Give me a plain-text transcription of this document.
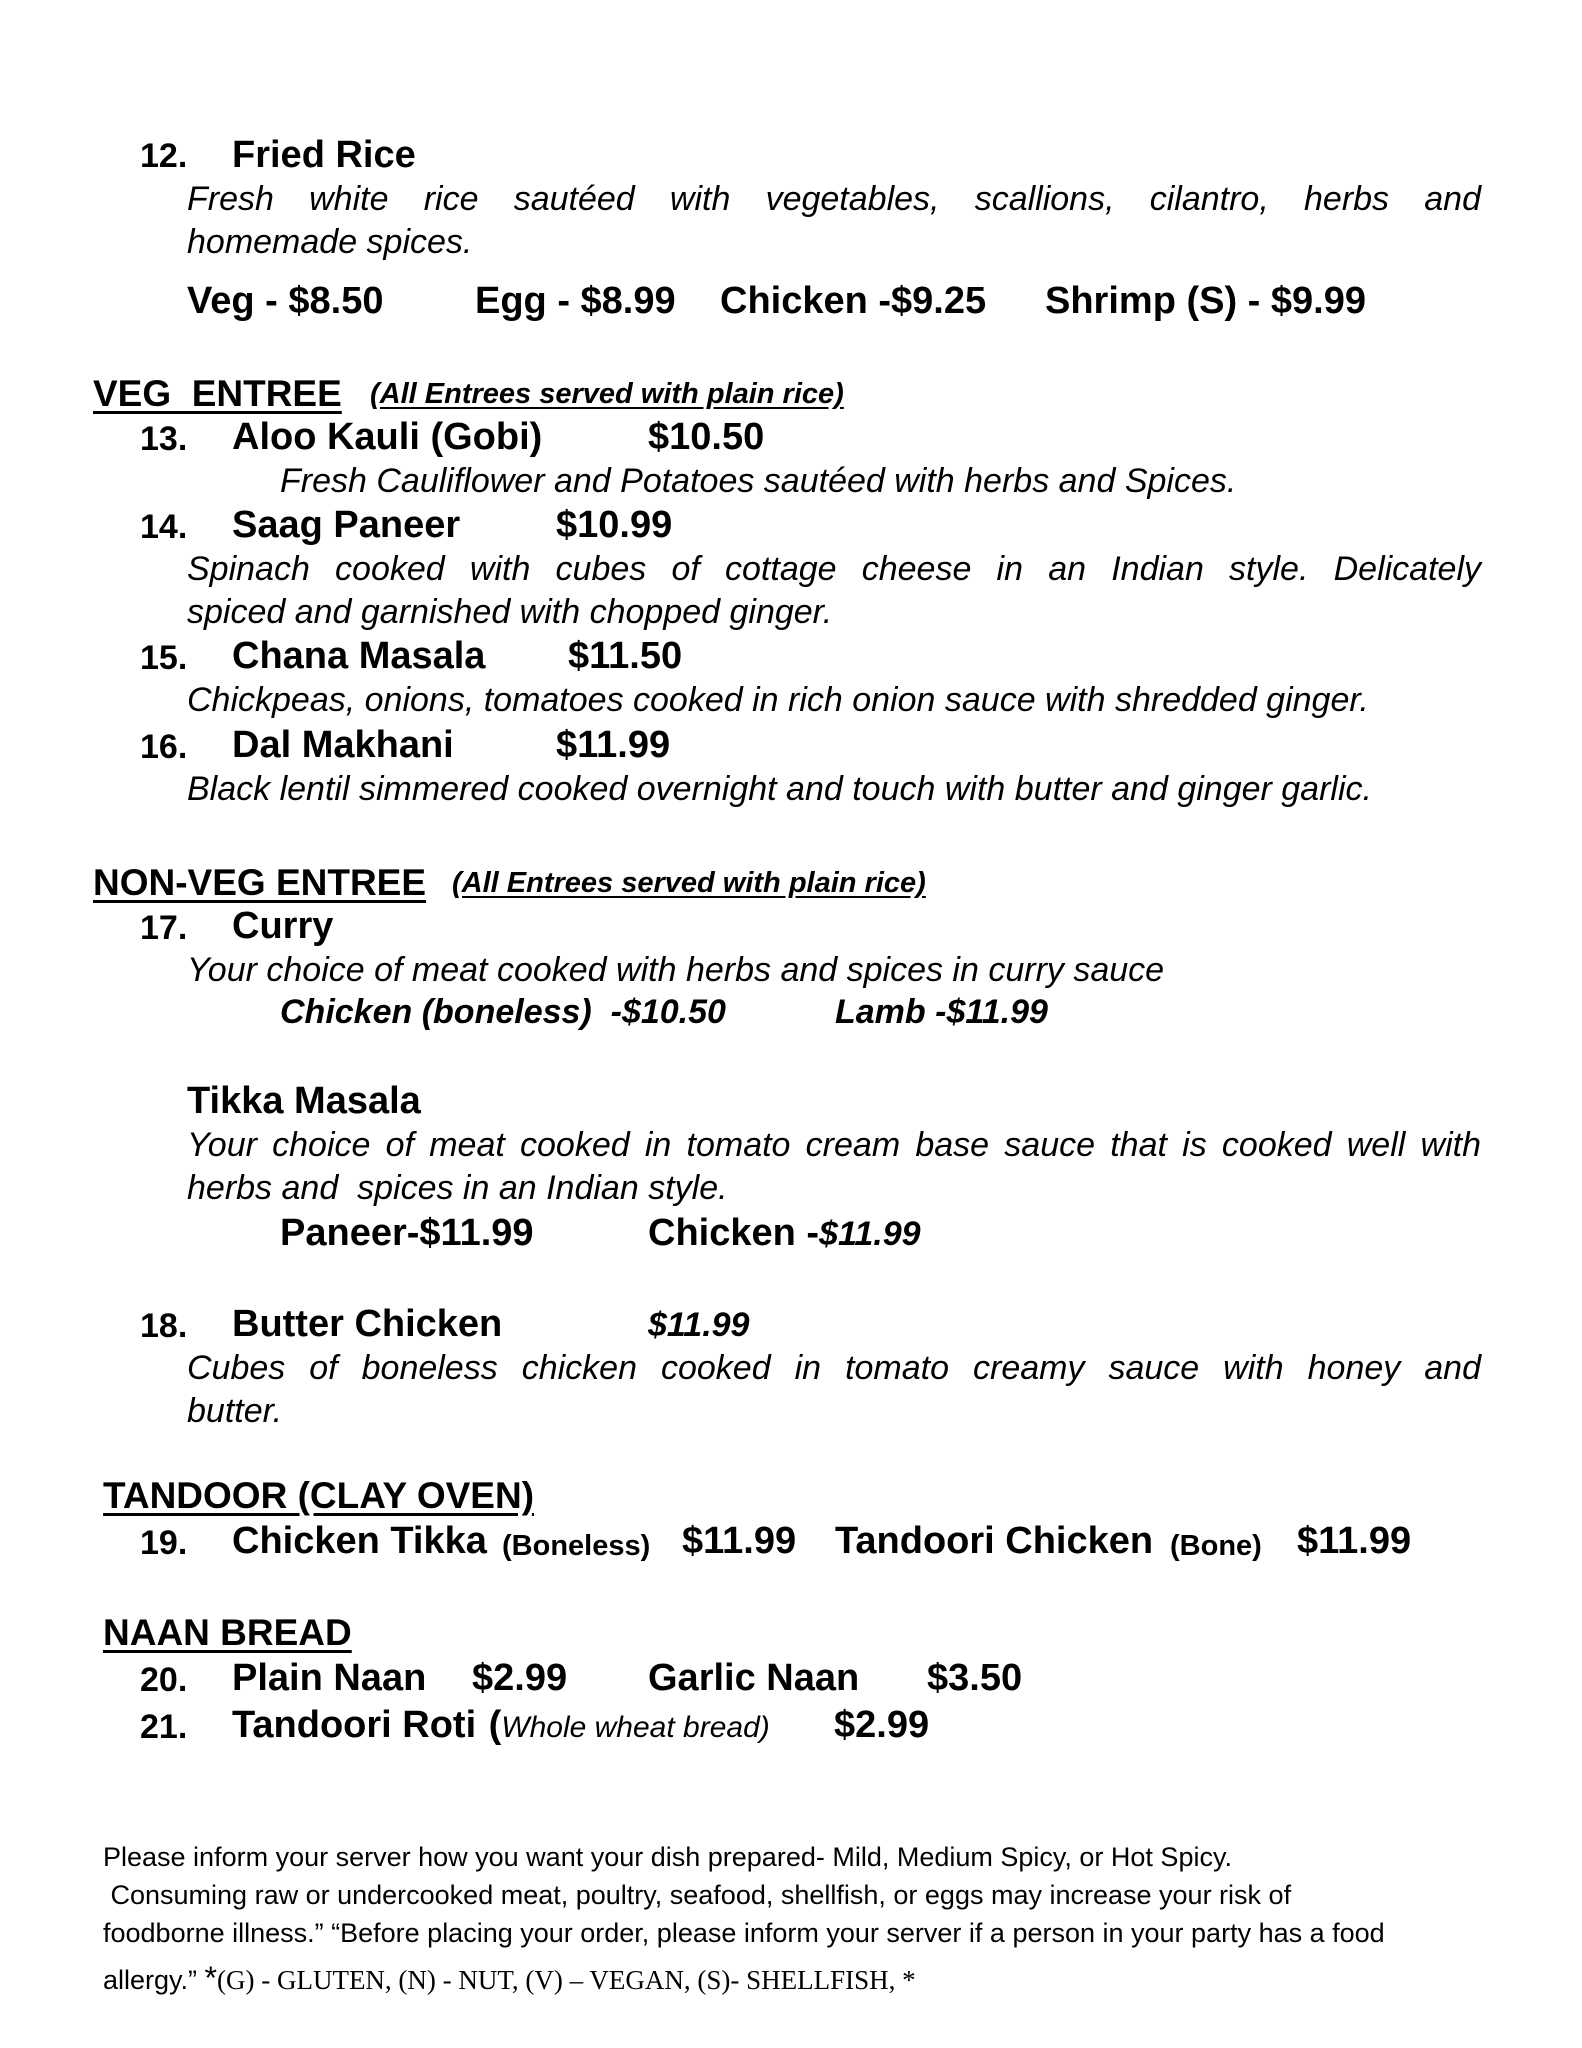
12. Fried Rice
Fresh white rice sautéed with vegetables, scallions, cilantro, herbs and
homemade spices.
Veg - $8.50 Egg - $8.99 Chicken -$9.25 Shrimp (S) - $9.99
VEG  ENTREE (All Entrees served with plain rice)
13. Aloo Kauli (Gobi)	$10.50
Fresh Cauliflower and Potatoes sautéed with herbs and Spices.
14. Saag Paneer	$10.99
Spinach cooked with cubes of cottage cheese in an Indian style. Delicately
spiced and garnished with chopped ginger.
15. Chana Masala $11.50
Chickpeas, onions, tomatoes cooked in rich onion sauce with shredded ginger.
16. Dal Makhani	$11.99
Black lentil simmered cooked overnight and touch with butter and ginger garlic.
NON-VEG ENTREE (All Entrees served with plain rice)
17. Curry
Your choice of meat cooked with herbs and spices in curry sauce
Chicken (boneless)  -$10.50	Lamb -$11.99
Tikka Masala
Your choice of meat cooked in tomato cream base sauce that is cooked well with
herbs and  spices in an Indian style.
Paneer-$11.99	Chicken -$11.99
18. Butter Chicken	$11.99
Cubes of boneless chicken cooked in tomato creamy sauce with honey and
butter.
TANDOOR (CLAY OVEN)
19. Chicken Tikka (Boneless) $11.99 Tandoori Chicken (Bone) $11.99
NAAN BREAD
20. Plain Naan $2.99 Garlic Naan $3.50
21. Tandoori Roti (Whole wheat bread) $2.99
Please inform your server how you want your dish prepared- Mild, Medium Spicy, or Hot Spicy.
Consuming raw or undercooked meat, poultry, seafood, shellfish, or eggs may increase your risk of
foodborne illness.” “Before placing your order, please inform your server if a person in your party has a food
allergy.” *(G) - GLUTEN, (N) - NUT, (V) – VEGAN, (S)- SHELLFISH, *
